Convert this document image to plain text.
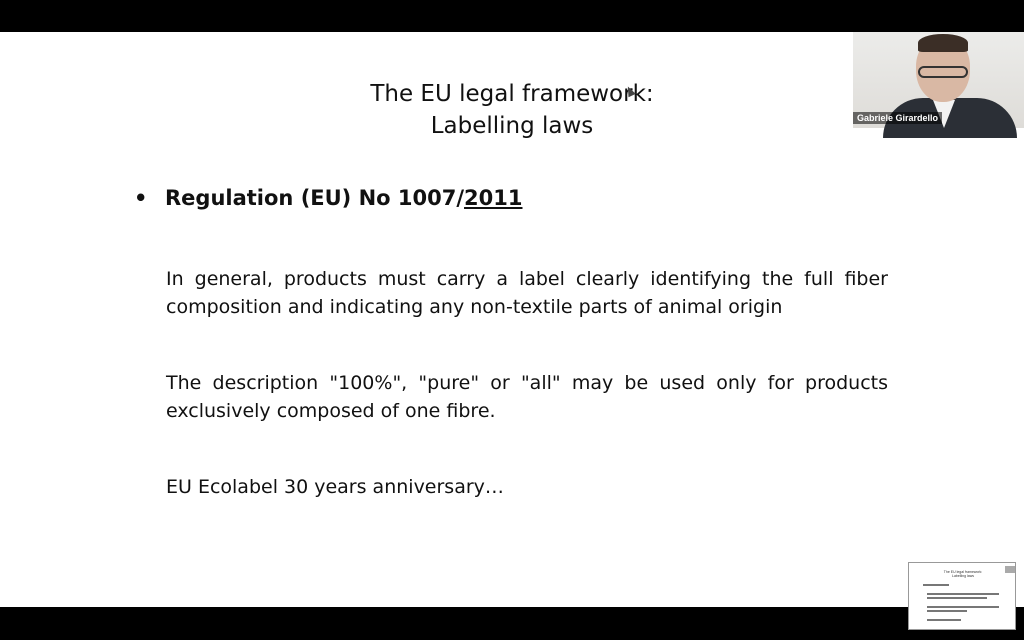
The EU legal framework:
Labelling laws
• Regulation (EU) No 1007/2011
In general, products must carry a label clearly identifying the full fiber composition and indicating any non-textile parts of animal origin
The description "100%", "pure" or "all" may be used only for products exclusively composed of one fibre.
EU Ecolabel 30 years anniversary…
Gabriele Girardello
The EU legal framework:
Labelling laws
